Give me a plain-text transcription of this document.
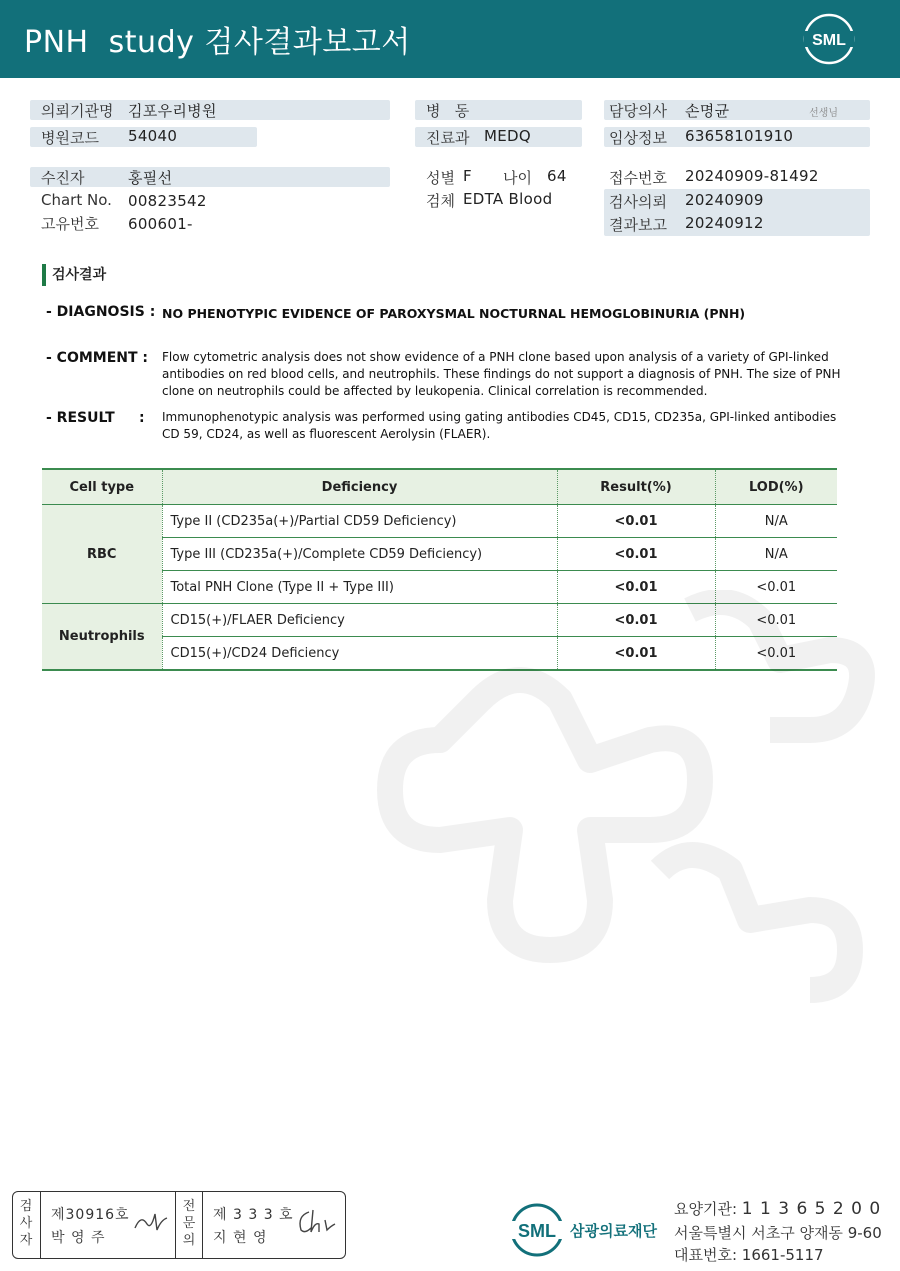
PNH  study 검사결과보고서	SML
의뢰기관명 김포우리병원
병원코드 54040
수진자	홍필선
Chart No. 00823542
고유번호 600601-
병   동
진료과 MEDQ
성별 F 나이 64
검체 EDTA Blood
담당의사 손명균	선생님
임상정보 63658101910
접수번호 20240909-81492
검사의뢰 20240909
결과보고 20240912
검사결과
- DIAGNOSIS : NO PHENOTYPIC EVIDENCE OF PAROXYSMAL NOCTURNAL HEMOGLOBINURIA (PNH)
- COMMENT : Flow cytometric analysis does not show evidence of a PNH clone based upon analysis of a variety of GPI-linked antibodies on red blood cells, and neutrophils. These findings do not support a diagnosis of PNH. The size of PNH clone on neutrophils could be affected by leukopenia. Clinical correlation is recommended.
- RESULT     : Immunophenotypic analysis was performed using gating antibodies CD45, CD15, CD235a, GPI-linked antibodies CD 59, CD24, as well as fluorescent Aerolysin (FLAER).
Cell type	Deficiency	Result(%)	LOD(%)
RBC	Type II (CD235a(+)/Partial CD59 Deficiency)	<0.01	N/A
	Type III (CD235a(+)/Complete CD59 Deficiency)	<0.01	N/A
	Total PNH Clone (Type II + Type III)	<0.01	<0.01
Neutrophils	CD15(+)/FLAER Deficiency	<0.01	<0.01
	CD15(+)/CD24 Deficiency	<0.01	<0.01
검
사
자
제30916호
박 영 주
전
문
의
제 3 3 3 호
지 현 영	SML 삼광의료재단
요양기관: 1 1 3 6 5 2 0 0
서울특별시 서초구 양재동 9-60
대표번호: 1661-5117
